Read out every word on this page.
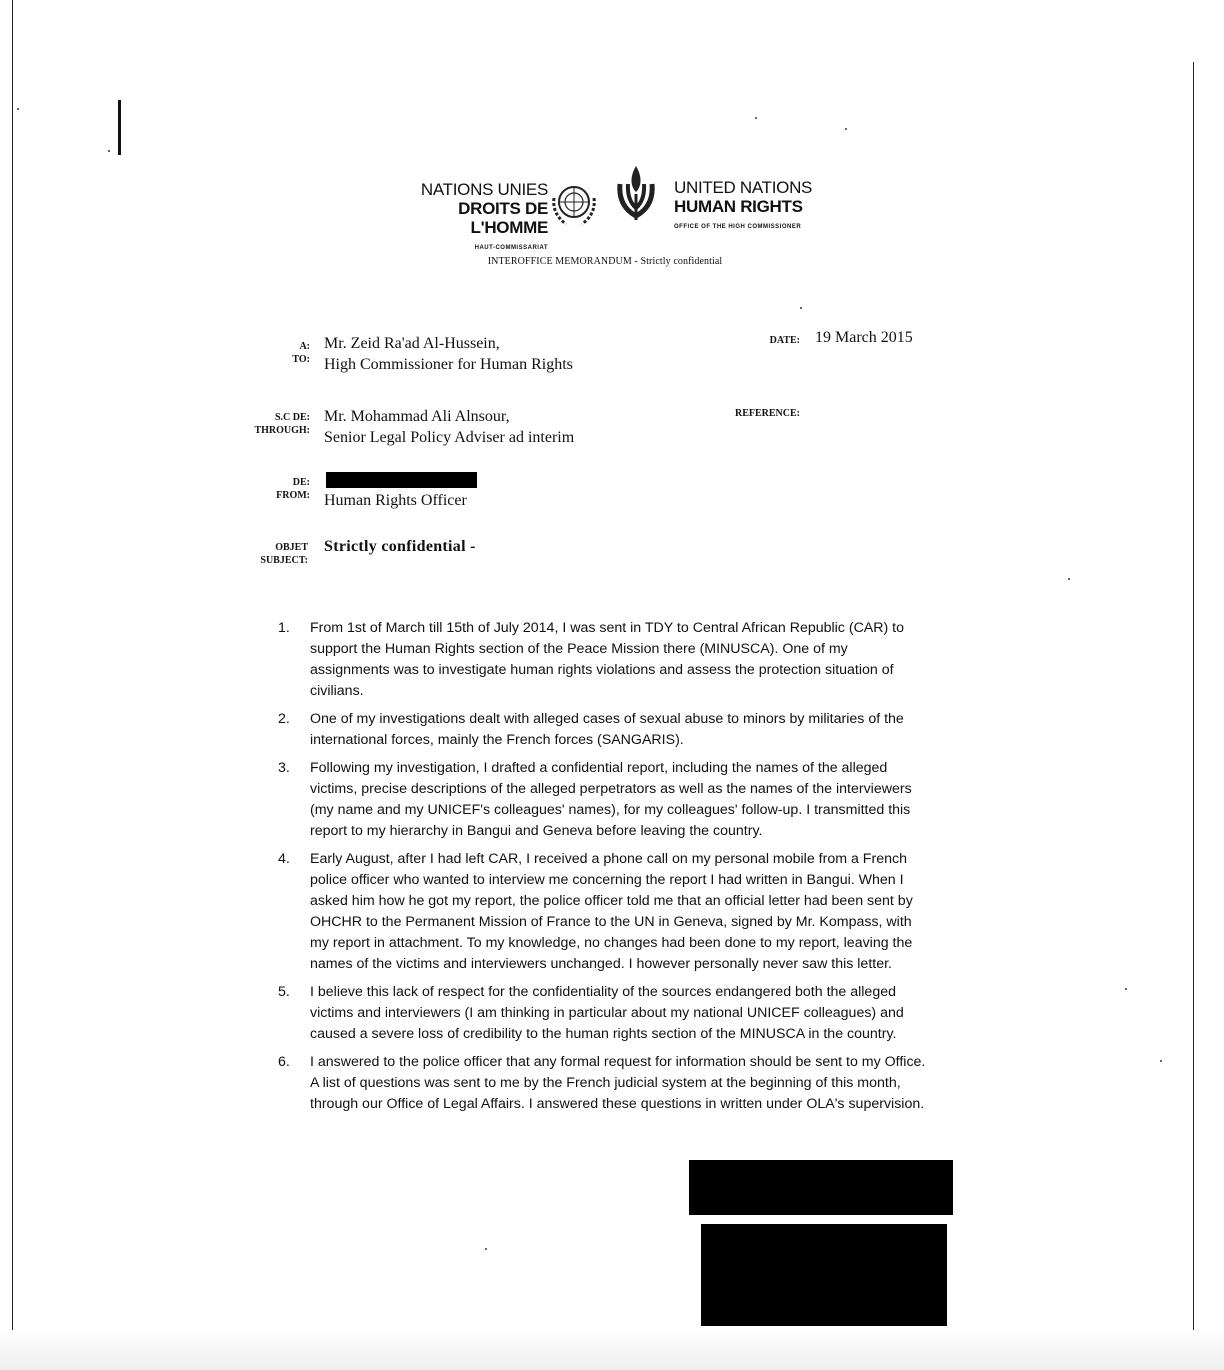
NATIONS UNIES
DROITS DE L'HOMME
HAUT-COMMISSARIAT
UNITED NATIONS
HUMAN RIGHTS
OFFICE OF THE HIGH COMMISSIONER
INTEROFFICE MEMORANDUM - Strictly confidential
A:
TO:
Mr. Zeid Ra'ad Al-Hussein,
High Commissioner for Human Rights
DATE: 19 March 2015
S.C DE:
THROUGH:
Mr. Mohammad Ali Alnsour,
Senior Legal Policy Adviser ad interim
REFERENCE:
DE:
FROM: Human Rights Officer
OBJET
SUBJECT:
Strictly confidential -
1.	From 1st of March till 15th of July 2014, I was sent in TDY to Central African Republic (CAR) to support the Human Rights section of the Peace Mission there (MINUSCA). One of my assignments was to investigate human rights violations and assess the protection situation of civilians.
2.	One of my investigations dealt with alleged cases of sexual abuse to minors by militaries of the international forces, mainly the French forces (SANGARIS).
3.	Following my investigation, I drafted a confidential report, including the names of the alleged victims, precise descriptions of the alleged perpetrators as well as the names of the interviewers (my name and my UNICEF's colleagues' names), for my colleagues' follow-up. I transmitted this report to my hierarchy in Bangui and Geneva before leaving the country.
4.	Early August, after I had left CAR, I received a phone call on my personal mobile from a French police officer who wanted to interview me concerning the report I had written in Bangui. When I asked him how he got my report, the police officer told me that an official letter had been sent by OHCHR to the Permanent Mission of France to the UN in Geneva, signed by Mr. Kompass, with my report in attachment. To my knowledge, no changes had been done to my report, leaving the names of the victims and interviewers unchanged. I however personally never saw this letter.
5.	I believe this lack of respect for the confidentiality of the sources endangered both the alleged victims and interviewers (I am thinking in particular about my national UNICEF colleagues) and caused a severe loss of credibility to the human rights section of the MINUSCA in the country.
6.	I answered to the police officer that any formal request for information should be sent to my Office. A list of questions was sent to me by the French judicial system at the beginning of this month, through our Office of Legal Affairs. I answered these questions in written under OLA's supervision.
